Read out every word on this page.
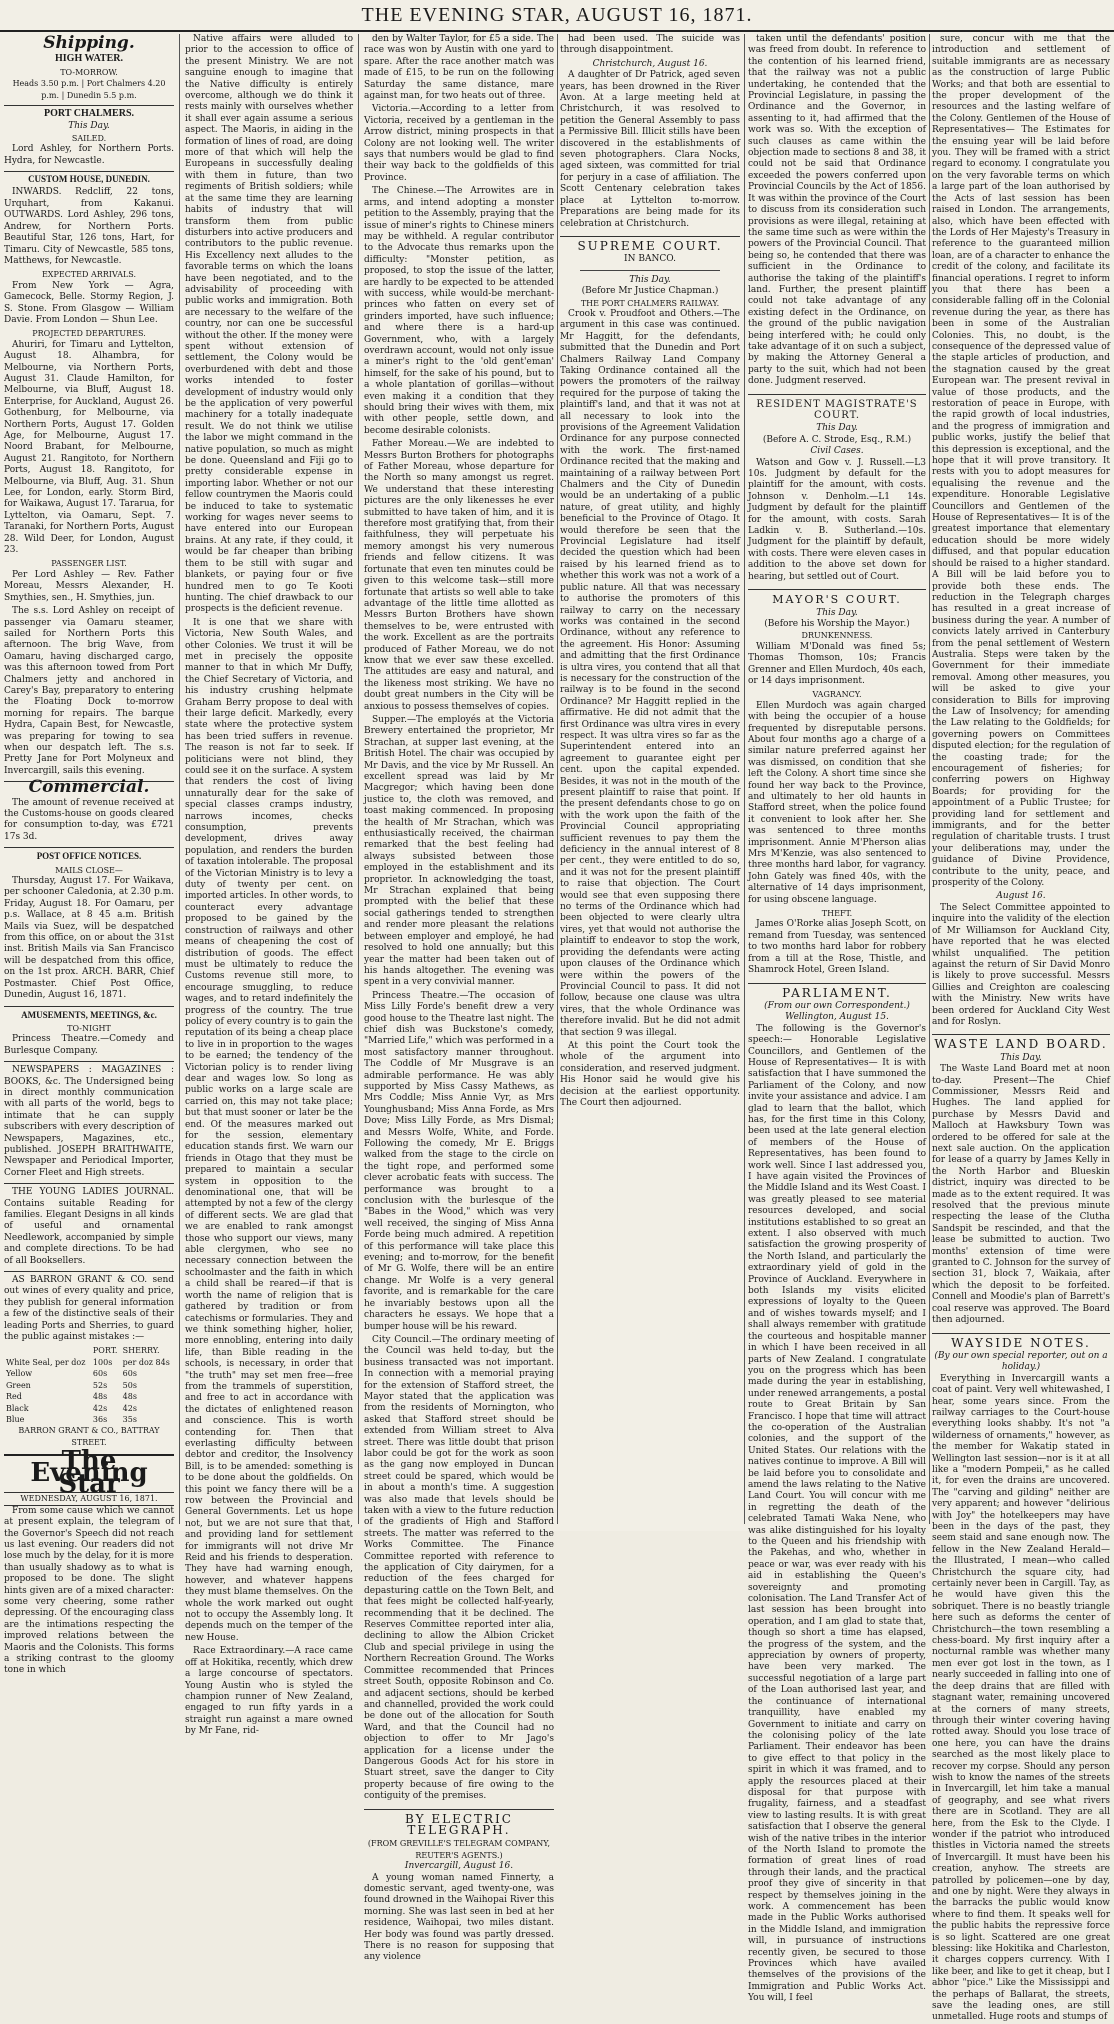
THE EVENING STAR, AUGUST 16, 1871.
Shipping.
HIGH WATER.
TO-MORROW.
Heads 3.50 p.m. | Port Chalmers 4.20 p.m. | Dunedin 5.5 p.m.
PORT CHALMERS.
This Day.
SAILED.

Lord Ashley, for Northern Ports. Hydra, for Newcastle.

CUSTOM HOUSE, DUNEDIN.

INWARDS. Redcliff, 22 tons, Urquhart, from Kakanui. OUTWARDS. Lord Ashley, 296 tons, Andrew, for Northern Ports. Beautiful Star, 126 tons, Hart, for Timaru. City of Newcastle, 585 tons, Matthews, for Newcastle.

EXPECTED ARRIVALS.

From New York — Agra, Gamecock, Belle. Stormy Region, J. S. Stone. From Glasgow — William Davie. From London — Shun Lee.

PROJECTED DEPARTURES.

Ahuriri, for Timaru and Lyttelton, August 18. Alhambra, for Melbourne, via Northern Ports, August 31. Claude Hamilton, for Melbourne, via Bluff, August 18. Enterprise, for Auckland, August 26. Gothenburg, for Melbourne, via Northern Ports, August 17. Golden Age, for Melbourne, August 17. Noord Brabant, for Melbourne, August 21. Rangitoto, for Northern Ports, August 18. Rangitoto, for Melbourne, via Bluff, Aug. 31. Shun Lee, for London, early. Storm Bird, for Waikawa, August 17. Tararua, for Lyttelton, via Oamaru, Sept. 7. Taranaki, for Northern Ports, August 28. Wild Deer, for London, August 23.

PASSENGER LIST.

Per Lord Ashley — Rev. Father Moreau, Messrs Alexander, H. Smythies, sen., H. Smythies, jun.

The s.s. Lord Ashley on receipt of passenger via Oamaru steamer, sailed for Northern Ports this afternoon. The brig Wave, from Oamaru, having discharged cargo, was this afternoon towed from Port Chalmers jetty and anchored in Carey's Bay, preparatory to entering the Floating Dock to-morrow morning for repairs. The barque Hydra, Capain Best, for Newcastle, was preparing for towing to sea when our despatch left. The s.s. Pretty Jane for Port Molyneux and Invercargill, sails this evening.

Commercial.

The amount of revenue received at the Customs-house on goods cleared for consumption to-day, was £721 17s 3d.

POST OFFICE NOTICES.
MAILS CLOSE—

Thursday, August 17. For Waikava, per schooner Caledonia, at 2.30 p.m. Friday, August 18. For Oamaru, per p.s. Wallace, at 8 45 a.m. British Mails via Suez, will be despatched from this office, on or about the 31st inst. British Mails via San Francisco will be despatched from this office, on the 1st prox. ARCH. BARR, Chief Postmaster. Chief Post Office, Dunedin, August 16, 1871.

AMUSEMENTS, MEETINGS, &c.
TO-NIGHT

Princess Theatre.—Comedy and Burlesque Company.

NEWSPAPERS : MAGAZINES : BOOKS, &c. The Undersigned being in direct monthly communication with all parts of the world, begs to intimate that he can supply subscribers with every description of Newspapers, Magazines, etc., published. JOSEPH BRAITHWAITE, Newspaper and Periodical Importer, Corner Fleet and High streets.

THE YOUNG LADIES JOURNAL. Contains suitable Reading for families. Elegant Designs in all kinds of useful and ornamental Needlework, accompanied by simple and complete directions. To be had of all Booksellers.

AS BARRON GRANT & CO. send out wines of every quality and price, they publish for general information a few of the distinctive seals of their leading Ports and Sherries, to guard the public against mistakes :—

	PORT.	SHERRY.
White Seal, per doz	100s	per doz 84s
Yellow	60s	60s
Green	52s	50s
Red	48s	48s
Black	42s	42s
Blue	36s	35s
BARRON GRANT & CO., BATTRAY STREET.
The Evening Star
WEDNESDAY, AUGUST 16, 1871.

From some cause which we cannot at present explain, the telegram of the Governor's Speech did not reach us last evening. Our readers did not lose much by the delay, for it is more than usually shadowy as to what is proposed to be done. The slight hints given are of a mixed character: some very cheering, some rather depressing. Of the encouraging class are the intimations respecting the improved relations between the Maoris and the Colonists. This forms a striking contrast to the gloomy tone in which

Native affairs were alluded to prior to the accession to office of the present Ministry. We are not sanguine enough to imagine that the Native difficulty is entirely overcome, although we do think it rests mainly with ourselves whether it shall ever again assume a serious aspect. The Maoris, in aiding in the formation of lines of road, are doing more of that which will help the Europeans in successfully dealing with them in future, than two regiments of British soldiers; while at the same time they are learning habits of industry that will transform them from public disturbers into active producers and contributors to the public revenue. His Excellency next alludes to the favorable terms on which the loans have been negotiated, and to the advisability of proceeding with public works and immigration. Both are necessary to the welfare of the country, nor can one be successful without the other. If the money were spent without extension of settlement, the Colony would be overburdened with debt and those works intended to foster development of industry would only be the application of very powerful machinery for a totally inadequate result. We do not think we utilise the labor we might command in the native population, so much as might be done. Queensland and Fiji go to pretty considerable expense in importing labor. Whether or not our fellow countrymen the Maoris could be induced to take to systematic working for wages never seems to have entered into our European brains. At any rate, if they could, it would be far cheaper than bribing them to be still with sugar and blankets, or paying four or five hundred men to go Te Kooti hunting. The chief drawback to our prospects is the deficient revenue.

It is one that we share with Victoria, New South Wales, and other Colonies. We trust it will be met in precisely the opposite manner to that in which Mr Duffy, the Chief Secretary of Victoria, and his industry crushing helpmate Graham Berry propose to deal with their large deficit. Markedly, every state where the protective system has been tried suffers in revenue. The reason is not far to seek. If politicians were not blind, they could see it on the surface. A system that renders the cost of living unnaturally dear for the sake of special classes cramps industry, narrows incomes, checks consumption, prevents development, drives away population, and renders the burden of taxation intolerable. The proposal of the Victorian Ministry is to levy a duty of twenty per cent. on imported articles. In other words, to counteract every advantage proposed to be gained by the construction of railways and other means of cheapening the cost of distribution of goods. The effect must be ultimately to reduce the Customs revenue still more, to encourage smuggling, to reduce wages, and to retard indefinitely the progress of the country. The true policy of every country is to gain the reputation of its being a cheap place to live in in proportion to the wages to be earned; the tendency of the Victorian policy is to render living dear and wages low. So long as public works on a large scale are carried on, this may not take place; but that must sooner or later be the end. Of the measures marked out for the session, elementary education stands first. We warn our friends in Otago that they must be prepared to maintain a secular system in opposition to the denominational one, that will be attempted by not a few of the clergy of different sects. We are glad that we are enabled to rank amongst those who support our views, many able clergymen, who see no necessary connection between the schoolmaster and the faith in which a child shall be reared—if that is worth the name of religion that is gathered by tradition or from catechisms or formularies. They and we think something higher, holier, more ennobling, entering into daily life, than Bible reading in the schools, is necessary, in order that "the truth" may set men free—free from the trammels of superstition, and free to act in accordance with the dictates of enlightened reason and conscience. This is worth contending for. Then that everlasting difficulty between debtor and creditor, the Insolvency Bill, is to be amended: something is to be done about the goldfields. On this point we fancy there will be a row between the Provincial and General Governments. Let us hope not, but we are not sure that that, and providing land for settlement for immigrants will not drive Mr Reid and his friends to desperation. They have had warning enough, however, and whatever happens they must blame themselves. On the whole the work marked out ought not to occupy the Assembly long. It depends much on the temper of the new House.

Race Extraordinary.—A race came off at Hokitika, recently, which drew a large concourse of spectators. Young Austin who is styled the champion runner of New Zealand, engaged to run fifty yards in a straight run against a mare owned by Mr Fane, rid-

den by Walter Taylor, for £5 a side. The race was won by Austin with one yard to spare. After the race another match was made of £15, to be run on the following Saturday the same distance, mare against man, for two heats out of three.

Victoria.—According to a letter from Victoria, received by a gentleman in the Arrow district, mining prospects in that Colony are not looking well. The writer says that numbers would be glad to find their way back to the goldfields of this Province.

The Chinese.—The Arrowites are in arms, and intend adopting a monster petition to the Assembly, praying that the issue of miner's rights to Chinese miners may be withheld. A regular contributor to the Advocate thus remarks upon the difficulty: "Monster petition, as proposed, to stop the issue of the latter, are hardly to be expected to be attended with success, while would-be merchant-princes who fatten on every set of grinders imported, have such influence; and where there is a hard-up Government, who, with a largely overdrawn account, would not only issue a miner's right to the 'old gent'eman' himself, for the sake of his pound, but to a whole plantation of gorillas—without even making it a condition that they should bring their wives with them, mix with other people, settle down, and become desirable colonists.

Father Moreau.—We are indebted to Messrs Burton Brothers for photographs of Father Moreau, whose departure for the North so many amongst us regret. We understand that these interesting pictures are the only likenesses he ever submitted to have taken of him, and it is therefore most gratifying that, from their faithfulness, they will perpetuate his memory amongst his very numerous friends and fellow citizens. It was fortunate that even ten minutes could be given to this welcome task—still more fortunate that artists so well able to take advantage of the little time allotted as Messrs Burton Brothers have shown themselves to be, were entrusted with the work. Excellent as are the portraits produced of Father Moreau, we do not know that we ever saw these excelled. The attitudes are easy and natural, and the likeness most striking. We have no doubt great numbers in the City will be anxious to possess themselves of copies.

Supper.—The employés at the Victoria Brewery entertained the proprietor, Mr Strachan, at supper last evening, at the British Hotel. The chair was occupied by Mr Davis, and the vice by Mr Russell. An excellent spread was laid by Mr Macgregor; which having been done justice to, the cloth was removed, and toast making commenced. In proposing the health of Mr Strachan, which was enthusiastically received, the chairman remarked that the best feeling had always subsisted between those employed in the establishment and its proprietor. In acknowledging the toast, Mr Strachan explained that being prompted with the belief that these social gatherings tended to strengthen and render more pleasant the relations between employer and employé, he had resolved to hold one annually; but this year the matter had been taken out of his hands altogether. The evening was spent in a very convivial manner.

Princess Theatre.—The occasion of Miss Lilly Forde's benefit drew a very good house to the Theatre last night. The chief dish was Buckstone's comedy, "Married Life," which was performed in a most satisfactory manner throughout. The Coddle of Mr Musgrave is an admirable performance. He was ably supported by Miss Cassy Mathews, as Mrs Coddle; Miss Annie Vyr, as Mrs Younghusband; Miss Anna Forde, as Mrs Dove; Miss Lilly Forde, as Mrs Dismal; and Messrs Wolfe, White, and Forde. Following the comedy, Mr E. Briggs walked from the stage to the circle on the tight rope, and performed some clever acrobatic feats with success. The performance was brought to a conclusion with the burlesque of the "Babes in the Wood," which was very well received, the singing of Miss Anna Forde being much admired. A repetition of this performance will take place this evening; and to-morrow, for the benefit of Mr G. Wolfe, there will be an entire change. Mr Wolfe is a very general favorite, and is remarkable for the care he invariably bestows upon all the characters he essays. We hope that a bumper house will be his reward.

City Council.—The ordinary meeting of the Council was held to-day, but the business transacted was not important. In connection with a memorial praying for the extension of Stafford street, the Mayor stated that the application was from the residents of Mornington, who asked that Stafford street should be extended from William street to Alva street. There was little doubt that prison labor could be got for the work as soon as the gang now employed in Duncan street could be spared, which would be in about a month's time. A suggestion was also made that levels should be taken with a view to the future reduction of the gradients of High and Stafford streets. The matter was referred to the Works Committee. The Finance Committee reported with reference to the application of City dairymen, for a reduction of the fees charged for depasturing cattle on the Town Belt, and that fees might be collected half-yearly, recommending that it be declined. The Reserves Committee reported inter alia, declining to allow the Albion Cricket Club and special privilege in using the Northern Recreation Ground. The Works Committee recommended that Princes street South, opposite Robinson and Co. and adjacent sections, should be kerbed and channelled, provided the work could be done out of the allocation for South Ward, and that the Council had no objection to offer to Mr Jago's application for a license under the Dangerous Goods Act for his store in Stuart street, save the danger to City property because of fire owing to the contiguity of the premises.

BY ELECTRIC TELEGRAPH.
(FROM GREVILLE'S TELEGRAM COMPANY, REUTER'S AGENTS.)
Invercargill, August 16.

A young woman named Finnerty, a domestic servant, aged twenty-one, was found drowned in the Waihopai River this morning. She was last seen in bed at her residence, Waihopai, two miles distant. Her body was found was partly dressed. There is no reason for supposing that any violence

had been used. The suicide was through disappointment.

Christchurch, August 16.

A daughter of Dr Patrick, aged seven years, has been drowned in the River Avon. At a large meeting held at Christchurch, it was resolved to petition the General Assembly to pass a Permissive Bill. Illicit stills have been discovered in the establishments of seven photographers. Clara Nocks, aged sixteen, was committed for trial for perjury in a case of affiliation. The Scott Centenary celebration takes place at Lyttelton to-morrow. Preparations are being made for its celebration at Christchurch.

SUPREME COURT.
IN BANCO.
This Day.
(Before Mr Justice Chapman.)
THE PORT CHALMERS RAILWAY.

Crook v. Proudfoot and Others.—The argument in this case was continued. Mr Haggitt, for the defendants, submitted that the Dunedin and Port Chalmers Railway Land Company Taking Ordinance contained all the powers the promoters of the railway required for the purpose of taking the plaintiff's land, and that it was not at all necessary to look into the provisions of the Agreement Validation Ordinance for any purpose connected with the work. The first-named Ordinance recited that the making and maintaining of a railway between Port Chalmers and the City of Dunedin would be an undertaking of a public nature, of great utility, and highly beneficial to the Province of Otago. It would therefore be seen that the Provincial Legislature had itself decided the question which had been raised by his learned friend as to whether this work was not a work of a public nature. All that was necessary to authorise the promoters of this railway to carry on the necessary works was contained in the second Ordinance, without any reference to the agreement. His Honor: Assuming and admitting that the first Ordinance is ultra vires, you contend that all that is necessary for the construction of the railway is to be found in the second Ordinance? Mr Haggitt replied in the affirmative. He did not admit that the first Ordinance was ultra vires in every respect. It was ultra vires so far as the Superintendent entered into an agreement to guarantee eight per cent. upon the capital expended. Besides, it was not in the mouth of the present plaintiff to raise that point. If the present defendants chose to go on with the work upon the faith of the Provincial Council appropriating sufficient revenues to pay them the deficiency in the annual interest of 8 per cent., they were entitled to do so, and it was not for the present plaintiff to raise that objection. The Court would see that even supposing there no terms of the Ordinance which had been objected to were clearly ultra vires, yet that would not authorise the plaintiff to endeavor to stop the work, providing the defendants were acting upon clauses of the Ordinance which were within the powers of the Provincial Council to pass. It did not follow, because one clause was ultra vires, that the whole Ordinance was therefore invalid. But he did not admit that section 9 was illegal.

At this point the Court took the whole of the argument into consideration, and reserved judgment. His Honor said he would give his decision at the earliest opportunity. The Court then adjourned.

taken until the defendants' position was freed from doubt. In reference to the contention of his learned friend, that the railway was not a public undertaking, he contended that the Provincial Legislature, in passing the Ordinance and the Governor, in assenting to it, had affirmed that the work was so. With the exception of such clauses as came within the objection made to sections 8 and 38, it could not be said that Ordinance exceeded the powers conferred upon Provincial Councils by the Act of 1856. It was within the province of the Court to discuss from its consideration such provisions as were illegal, retaining at the same time such as were within the powers of the Provincial Council. That being so, he contended that there was sufficient in the Ordinance to authorise the taking of the plaintiff's land. Further, the present plaintiff could not take advantage of any existing defect in the Ordinance, on the ground of the public navigation being interfered with; he could only take advantage of it on such a subject, by making the Attorney General a party to the suit, which had not been done. Judgment reserved.

RESIDENT MAGISTRATE'S COURT.
This Day.
(Before A. C. Strode, Esq., R.M.)
Civil Cases.

Watson and Gow v. J. Russell.—L3 10s. Judgment by default for the plaintiff for the amount, with costs. Johnson v. Denholm.—L1 14s. Judgment by default for the plaintiff for the amount, with costs. Sarah Ladkin v. B. Sutherland.—10s. Judgment for the plaintiff by default, with costs. There were eleven cases in addition to the above set down for hearing, but settled out of Court.

MAYOR'S COURT.
This Day.
(Before his Worship the Mayor.)
DRUNKENNESS.

William M'Donald was fined 5s; Thomas Thomson, 10s; Francis Grenner and Ellen Murdoch, 40s each, or 14 days imprisonment.

VAGRANCY.

Ellen Murdoch was again charged with being the occupier of a house frequented by disreputable persons. About four months ago a charge of a similar nature preferred against her was dismissed, on condition that she left the Colony. A short time since she found her way back to the Province, and ultimately to her old haunts in Stafford street, when the police found it convenient to look after her. She was sentenced to three months imprisonment. Annie M'Pherson alias Mrs M'Kenzie, was also sentenced to three months hard labor, for vagrancy. John Gately was fined 40s, with the alternative of 14 days imprisonment, for using obscene language.

THEFT.

James O'Rorke alias Joseph Scott, on remand from Tuesday, was sentenced to two months hard labor for robbery from a till at the Rose, Thistle, and Shamrock Hotel, Green Island.

PARLIAMENT.
(From our own Correspondent.)
Wellington, August 15.

The following is the Governor's speech:— Honorable Legislative Councillors, and Gentlemen of the House of Representatives— It is with satisfaction that I have summoned the Parliament of the Colony, and now invite your assistance and advice. I am glad to learn that the ballot, which has, for the first time in this Colony, been used at the late general election of members of the House of Representatives, has been found to work well. Since I last addressed you, I have again visited the Provinces of the Middle Island and its West Coast. I was greatly pleased to see material resources developed, and social institutions established to so great an extent. I also observed with much satisfaction the growing prosperity of the North Island, and particularly the extraordinary yield of gold in the Province of Auckland. Everywhere in both Islands my visits elicited expressions of loyalty to the Queen and of wishes towards myself; and I shall always remember with gratitude the courteous and hospitable manner in which I have been received in all parts of New Zealand. I congratulate you on the progress which has been made during the year in establishing, under renewed arrangements, a postal route to Great Britain by San Francisco. I hope that time will attract the co-operation of the Australian colonies, and the support of the United States. Our relations with the natives continue to improve. A Bill will be laid before you to consolidate and amend the laws relating to the Native Land Court. You will concur with me in regretting the death of the celebrated Tamati Waka Nene, who was alike distinguished for his loyalty to the Queen and his friendship with the Pakehas, and who, whether in peace or war, was ever ready with his aid in establishing the Queen's sovereignty and promoting colonisation. The Land Transfer Act of last session has been brought into operation, and I am glad to state that, though so short a time has elapsed, the progress of the system, and the appreciation by owners of property, have been very marked. The successful negotiation of a large part of the Loan authorised last year, and the continuance of international tranquillity, have enabled my Government to initiate and carry on the colonising policy of the late Parliament. Their endeavor has been to give effect to that policy in the spirit in which it was framed, and to apply the resources placed at their disposal for that purpose with frugality, fairness, and a steadfast view to lasting results. It is with great satisfaction that I observe the general wish of the native tribes in the interior of the North Island to promote the formation of great lines of road through their lands, and the practical proof they give of sincerity in that respect by themselves joining in the work. A commencement has been made in the Public Works authorised in the Middle Island, and immigration will, in pursuance of instructions recently given, be secured to those Provinces which have availed themselves of the provisions of the Immigration and Public Works Act. You will, I feel

sure, concur with me that the introduction and settlement of suitable immigrants are as necessary as the construction of large Public Works; and that both are essential to the proper development of the resources and the lasting welfare of the Colony. Gentlemen of the House of Representatives— The Estimates for the ensuing year will be laid before you. They will be framed with a strict regard to economy. I congratulate you on the very favorable terms on which a large part of the loan authorised by the Acts of last session has been raised in London. The arrangements, also, which have been effected with the Lords of Her Majesty's Treasury in reference to the guaranteed million loan, are of a character to enhance the credit of the colony, and facilitate its financial operations. I regret to inform you that there has been a considerable falling off in the Colonial revenue during the year, as there has been in some of the Australian Colonies. This, no doubt, is the consequence of the depressed value of the staple articles of production, and the stagnation caused by the great European war. The present revival in value of those products, and the restoration of peace in Europe, with the rapid growth of local industries, and the progress of immigration and public works, justify the belief that this depression is exceptional, and the hope that it will prove transitory. It rests with you to adopt measures for equalising the revenue and the expenditure. Honorable Legislative Councillors and Gentlemen of the House of Representatives— It is of the greatest importance that elementary education should be more widely diffused, and that popular education should be raised to a higher standard. A Bill will be laid before you to provide both these ends. The reduction in the Telegraph charges has resulted in a great increase of business during the year. A number of convicts lately arrived in Canterbury from the penal settlement of Western Australia. Steps were taken by the Government for their immediate removal. Among other measures, you will be asked to give your consideration to Bills for improving the Law of Insolvency; for amending the Law relating to the Goldfields; for governing powers on Committees disputed election; for the regulation of the coasting trade; for the encouragement of fisheries; for conferring powers on Highway Boards; for providing for the appointment of a Public Trustee; for providing land for settlement and immigrants, and for the better regulation of charitable trusts. I trust your deliberations may, under the guidance of Divine Providence, contribute to the unity, peace, and prosperity of the Colony.

August 16.

The Select Committee appointed to inquire into the validity of the election of Mr Williamson for Auckland City, have reported that he was elected whilst unqualified. The petition against the return of Sir David Monro is likely to prove successful. Messrs Gillies and Creighton are coalescing with the Ministry. New writs have been ordered for Auckland City West and for Roslyn.

WASTE LAND BOARD.
This Day.

The Waste Land Board met at noon to-day. Present—The Chief Commissioner, Messrs Reid and Hughes. The land applied for purchase by Messrs David and Malloch at Hawksbury Town was ordered to be offered for sale at the next sale auction. On the application for lease of a quarry by James Kelly in the North Harbor and Blueskin district, inquiry was directed to be made as to the extent required. It was resolved that the previous minute respecting the lease of the Clutha Sandspit be rescinded, and that the lease be submitted to auction. Two months' extension of time were granted to C. Johnson for the survey of section 31, block 7, Waikaia, after which the deposit to be forfeited. Connell and Moodie's plan of Barrett's coal reserve was approved. The Board then adjourned.

WAYSIDE NOTES.
(By our own special reporter, out on a holiday.)

Everything in Invercargill wants a coat of paint. Very well whitewashed, I hear, some years since. From the railway carriages to the Court-house everything looks shabby. It's not "a wilderness of ornaments," however, as the member for Wakatip stated in Wellington last session—nor is it at all like a "modern Pompeii," as he called it, for even the drains are uncovered. The "carving and gilding" neither are very apparent; and however "delirious with Joy" the hotelkeepers may have been in the days of the past, they seem staid and sane enough now. The fellow in the New Zealand Herald—the Illustrated, I mean—who called Christchurch the square city, had certainly never been in Cargill. Tay, as he would have given this the sobriquet. There is no beastly triangle here such as deforms the center of Christchurch—the town resembling a chess-board. My first inquiry after a nocturnal ramble was whether many men ever got lost in the town, as I nearly succeeded in falling into one of the deep drains that are filled with stagnant water, remaining uncovered at the corners of many streets, through their winter covering having rotted away. Should you lose trace of one here, you can have the drains searched as the most likely place to recover my corpse. Should any person wish to know the names of the streets in Invercargill, let him take a manual of geography, and see what rivers there are in Scotland. They are all here, from the Esk to the Clyde. I wonder if the patriot who introduced thistles in Victoria named the streets of Invercargill. It must have been his creation, anyhow. The streets are patrolled by policemen—one by day, and one by night. Were they always in the barracks the public would know where to find them. It speaks well for the public habits the repressive force is so light. Scattered are one great blessing: like Hokitika and Charleston, it charges coppers currency. With I like beer, and like to get it cheap, but I abhor "pice." Like the Mississippi and the perhaps of Ballarat, the streets, save the leading ones, are still unmetalled. Huge roots and stumps of
